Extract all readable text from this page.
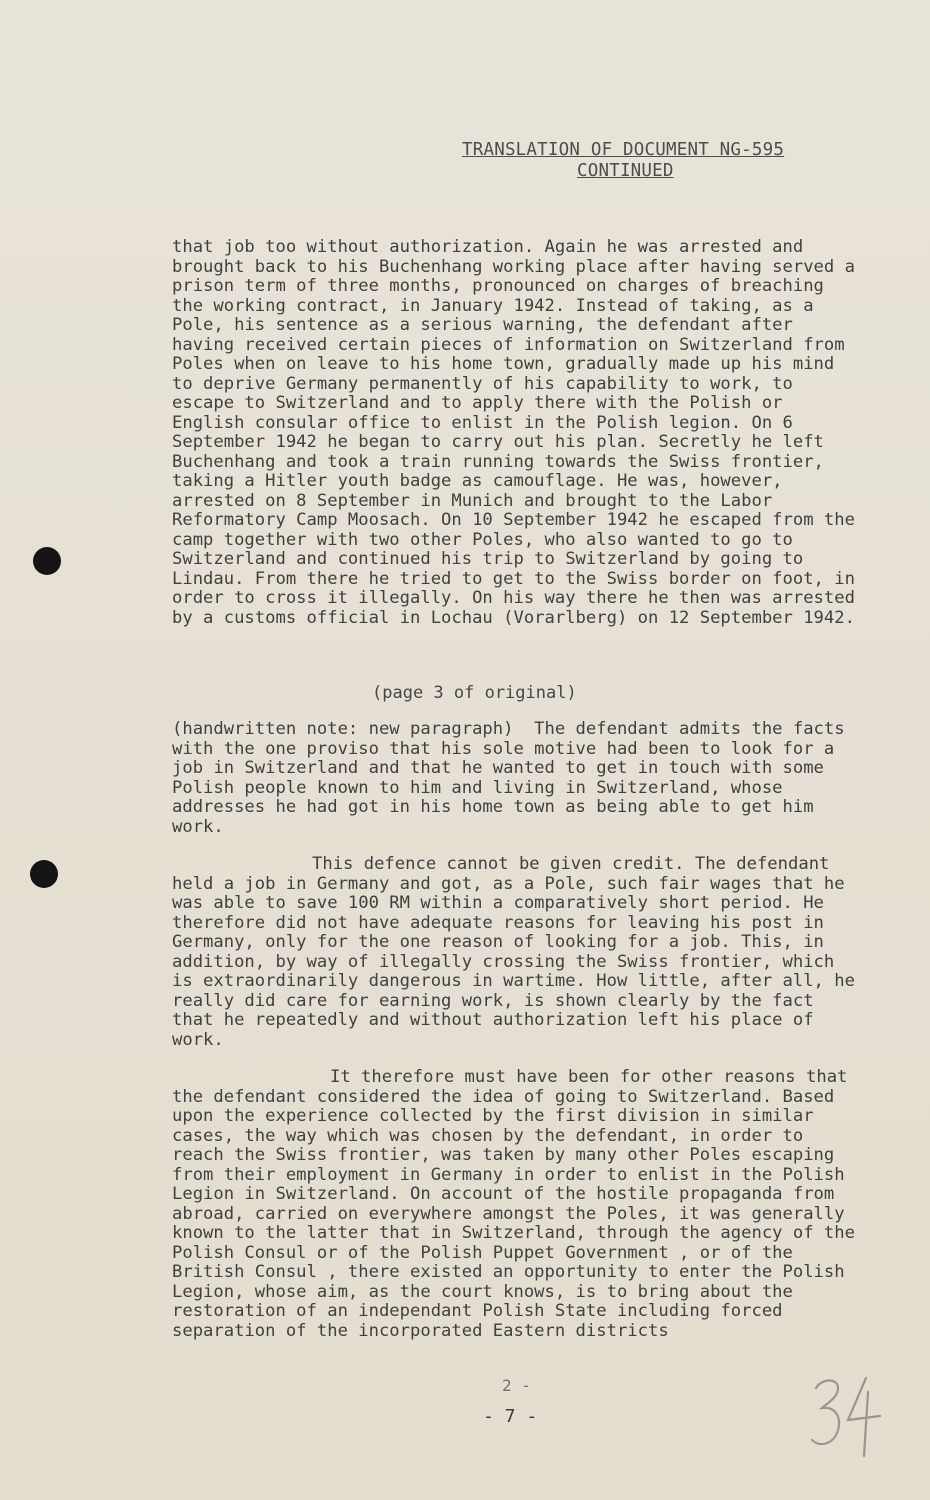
TRANSLATION OF DOCUMENT NG-595
CONTINUED

that job too without authorization. Again he was arrested and brought back to his Buchenhang working place after having served a prison term of three months, pronounced on charges of breaching the working contract, in January 1942. Instead of taking, as a Pole, his sentence as a serious warning, the defendant after having received certain pieces of information on Switzerland from Poles when on leave to his home town, gradually made up his mind to deprive Germany permanently of his capability to work, to escape to Switzerland and to apply there with the Polish or English consular office to enlist in the Polish legion. On 6 September 1942 he began to carry out his plan. Secretly he left Buchenhang and took a train running towards the Swiss frontier, taking a Hitler youth badge as camouflage. He was, however, arrested on 8 September in Munich and brought to the Labor Reformatory Camp Moosach. On 10 September 1942 he escaped from the camp together with two other Poles, who also wanted to go to Switzerland and continued his trip to Switzerland by going to Lindau. From there he tried to get to the Swiss border on foot, in order to cross it illegally. On his way there he then was arrested by a customs official in Lochau (Vorarlberg) on 12 September 1942.

(page 3 of original)

(handwritten note: new paragraph)  The defendant admits the facts with the one proviso that his sole motive had been to look for a job in Switzerland and that he wanted to get in touch with some Polish people known to him and living in Switzerland, whose addresses he had got in his home town as being able to get him work.

This defence cannot be given credit. The defendant held a job in Germany and got, as a Pole, such fair wages that he was able to save 100 RM within a comparatively short period. He therefore did not have adequate reasons for leaving his post in Germany, only for the one reason of looking for a job. This, in addition, by way of illegally crossing the Swiss frontier, which is extraordinarily dangerous in wartime. How little, after all, he really did care for earning work, is shown clearly by the fact that he repeatedly and without authorization left his place of work.

It therefore must have been for other reasons that the defendant considered the idea of going to Switzerland. Based upon the experience collected by the first division in similar cases, the way which was chosen by the defendant, in order to reach the Swiss frontier, was taken by many other Poles escaping from their employment in Germany in order to enlist in the Polish Legion in Switzerland. On account of the hostile propaganda from abroad, carried on everywhere amongst the Poles, it was generally known to the latter that in Switzerland, through the agency of the Polish Consul or of the Polish Puppet Government , or of the British Consul , there existed an opportunity to enter the Polish Legion, whose aim, as the court knows, is to bring about the restoration of an independant Polish State including forced separation of the incorporated Eastern districts

2 -
- 7 -
